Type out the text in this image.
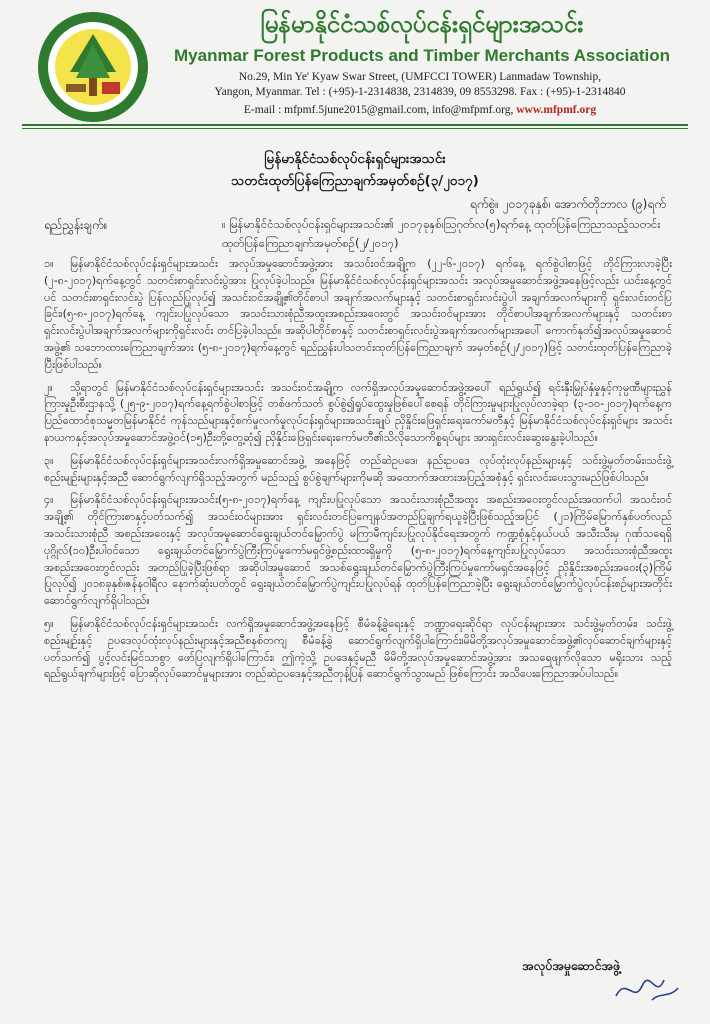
မြန်မာနိုင်ငံသစ်လုပ်ငန်းရှင်များအသင်း
Myanmar Forest Products and Timber Merchants Association
No.29, Min Ye' Kyaw Swar Street, (UMFCCI TOWER) Lanmadaw Township,
Yangon, Myanmar. Tel : (+95)-1-2314838, 2314839, 09 8553298. Fax : (+95)-1-2314840
E-mail : mfpmf.5june2015@gmail.com, info@mfpmf.org, www.mfpmf.org
မြန်မာနိုင်ငံသစ်လုပ်ငန်းရှင်များအသင်း
သတင်းထုတ်ပြန်ကြေညာချက်အမှတ်စဉ်(၃/၂၀၁၇)
ရက်စွဲ။ ၂၀၁၇ခုနှစ်၊ အောက်တိုဘာလ (၉)ရက်
ရည်ညွှန်းချက်။	။ မြန်မာနိုင်ငံသစ်လုပ်ငန်းရှင်များအသင်း၏ ၂၀၁၇ခုနှစ်၊ဩဂုတ်လ(၅)ရက်နေ့ ထုတ်ပြန်ကြေညာသည့်သတင်းထုတ်ပြန်ကြေညာချက်အမှတ်စဉ်(၂/၂၀၁၇)

၁။ မြန်မာနိုင်ငံသစ်လုပ်ငန်းရှင်များအသင်း အလုပ်အမှုဆောင်အဖွဲ့အား အသင်းဝင်အချို့က (၂၂-၆-၂၀၁၇) ရက်နေ့ ရက်စွဲပါစာဖြင့် တိုင်ကြားလာခဲ့ပြီး (၂-၈-၂၀၁၇)ရက်နေ့တွင် သတင်းစာရှင်းလင်းပွဲအား ပြုလုပ်ခဲ့ပါသည်။ မြန်မာနိုင်ငံသစ်လုပ်ငန်းရှင်များအသင်း အလုပ်အမှုဆောင်အဖွဲ့အနေဖြင့်လည်း ယင်းနေ့တွင်ပင် သတင်းစာရှင်းလင်းပွဲ ပြန်လည်ပြုလုပ်၍ အသင်းဝင်အချို့၏တိုင်စာပါ အချက်အလက်များနှင့် သတင်းစာရှင်းလင်းပွဲပါ အချက်အလက်များကို ရှင်းလင်းတင်ပြခြင်း၊(၅-၈-၂၀၁၇)ရက်နေ့ ကျင်းပပြုလုပ်သော အသင်းသားစုံညီအထူးအစည်းအဝေးတွင် အသင်းဝင်များအား တိုင်စာပါအချက်အလက်များနှင့် သတင်းစာရှင်းလင်းပွဲပါအချက်အလက်များကိုရှင်းလင်း တင်ပြခဲ့ပါသည်။ အဆိုပါတိုင်စာနှင့် သတင်းစာရှင်းလင်းပွဲအချက်အလက်များအပေါ် ကောက်နုတ်၍အလုပ်အမှုဆောင် အဖွဲ့၏ သဘောထားကြေညာချက်အား (၅-၈-၂၀၁၇)ရက်နေ့တွင် ရည်ညွှန်းပါသတင်းထုတ်ပြန်ကြေညာချက် အမှတ်စဉ်(၂/၂၀၁၇)ဖြင့် သတင်းထုတ်ပြန်ကြေညာခဲ့ပြီးဖြစ်ပါသည်။

၂။ သို့ရာတွင် မြန်မာနိုင်ငံသစ်လုပ်ငန်းရှင်များအသင်း အသင်းဝင်အချို့က လက်ရှိအလုပ်အမှုဆောင်အဖွဲ့အပေါ် ရည်ရွယ်၍ ရင်းနှီးမြှုပ်နှံမှုနှင့်ကုမ္ပဏီများညွှန်ကြားမှုဦးစီးဌာနသို့ (၂၅-၉-၂၀၁၇)ရက်နေ့ရက်စွဲပါစာဖြင့် တစ်ဖက်သတ် စွပ်စွဲ၍ရှုပ်ထွေးမှုဖြစ်ပေါ်စေရန် တိုင်ကြားမှုများပြုလုပ်လာခဲ့ရာ (၃-၁၀-၂၀၁၇)ရက်နေ့က ပြည်ထောင်စုသမ္မတမြန်မာနိုင်ငံ ကုန်သည်များနှင့်စက်မှုလက်မှုလုပ်ငန်းရှင်များအသင်းချုပ် ညှိနှိုင်းဖြေရှင်းရေးကော်မတီနှင့် မြန်မာနိုင်ငံသစ်လုပ်ငန်းရှင်များ အသင်းနာယကနှင့်အလုပ်အမှုဆောင်အဖွဲ့ဝင်(၁၅)ဦးတို့တွေ့ဆုံ၍ ညှိနှိုင်းဖြေရှင်းရေးကော်မတီ၏သိလိုသောကိစ္စရပ်များ အားရှင်းလင်းဆွေးနွေးခဲ့ပါသည်။

၃။ မြန်မာနိုင်ငံသစ်လုပ်ငန်းရှင်များအသင်းလက်ရှိအမှုဆောင်အဖွဲ့ အနေဖြင့် တည်ဆဲဥပဒေ၊ နည်းဥပဒေ လုပ်ထုံးလုပ်နည်းများနှင့် သင်းဖွဲ့မှတ်တမ်း၊သင်းဖွဲ့စည်းမျဉ်းများနှင့်အညီ ဆောင်ရွက်လျက်ရှိသည့်အတွက် မည်သည့် စွပ်စွဲချက်များကိုမဆို အထောက်အထားအပြည့်အစုံနှင့် ရှင်းလင်းပေးသွားမည်ဖြစ်ပါသည်။

၄။ မြန်မာနိုင်ငံသစ်လုပ်ငန်းရှင်များအသင်း(၅-၈-၂၀၁၇)ရက်နေ့ ကျင်းပပြုလုပ်သော အသင်းသားစုံညီအထူး အစည်းအဝေးတွင်လည်းအထက်ပါ အသင်းဝင်အချို့၏ တိုင်ကြားစာနှင့်ပတ်သက်၍ အသင်းဝင်များအား ရှင်းလင်းတင်ပြကျေနပ်အတည်ပြုချက်ရယူခဲ့ပြီးဖြစ်သည့်အပြင် (၂၁)ကြိမ်မြောက်နှစ်ပတ်လည်အသင်းသားစုံညီ အစည်းအဝေးနှင့် အလုပ်အမှုဆောင်ရွေးချယ်တင်မြှောက်ပွဲ မကြာမီကျင်းပပြုလုပ်နိုင်ရေးအတွက် ကဏ္ဍစုံနှင့်နယ်ပယ် အသီးသီးမှ ဂုဏ်သရေရှိပုဂ္ဂိုလ်(၁၀)ဦးပါဝင်သော ရွေးချယ်တင်မြှောက်ပွဲကြီးကြပ်မှုကော်မရှင်ဖွဲ့စည်းထားရှိမှုကို (၅-၈-၂၀၁၇)ရက်နေ့ကျင်းပပြုလုပ်သော အသင်းသားစုံညီအထူးအစည်းအဝေးတွင်လည်း အတည်ပြုခဲ့ပြီးဖြစ်ရာ အဆိုပါအမှုဆောင် အသစ်ရွေးချယ်တင်မြှောက်ပွဲကြီးကြပ်မှုကော်မရှင်အနေဖြင့် ညှိနှိုင်းအစည်းအဝေး(၃)ကြိမ်ပြုလုပ်၍ ၂၀၁၈ခုနှစ်၊ဇန်နဝါရီလ နောက်ဆုံးပတ်တွင် ရွေးချယ်တင်မြှောက်ပွဲကျင်းပပြုလုပ်ရန် ထုတ်ပြန်ကြေညာခဲ့ပြီး ရွေးချယ်တင်မြှောက်ပွဲလုပ်ငန်းစဉ်များအတိုင်း ဆောင်ရွက်လျက်ရှိပါသည်။

၅။ မြန်မာနိုင်ငံသစ်လုပ်ငန်းရှင်များအသင်း လက်ရှိအမှုဆောင်အဖွဲ့အနေဖြင့် စီမံခန့်ခွဲရေးနှင့် ဘဏ္ဍာရေးဆိုင်ရာ လုပ်ငန်းများအား သင်းဖွဲ့မှတ်တမ်း၊ သင်းဖွဲ့စည်းမျဉ်းနှင့် ဥပဒေလုပ်ထုံးလုပ်နည်းများနှင့်အညီစနစ်တကျ စီမံခန့်ခွဲ ဆောင်ရွက်လျက်ရှိပါကြောင်း၊မိမိတို့အလုပ်အမှုဆောင်အဖွဲ့၏လုပ်ဆောင်ချက်များနှင့်ပတ်သက်၍ ပွင့်လင်းမြင်သာစွာ ဖော်ပြလျက်ရှိပါကြောင်း၊ ဤကဲ့သို့ ဥပဒေနှင့်မညီ မိမိတို့အလုပ်အမှုဆောင်အဖွဲ့အား အသရေဖျက်လိုသော မရိုးသား သည့်ရည်ရွယ်ချက်များဖြင့် ပြောဆိုလုပ်ဆောင်မှုများအား တည်ဆဲဥပဒေနှင့်အညီတုန့်ပြန် ဆောင်ရွက်သွားမည် ဖြစ်ကြောင်း အသိပေးကြေညာအပ်ပါသည်။

အလုပ်အမှုဆောင်အဖွဲ့
